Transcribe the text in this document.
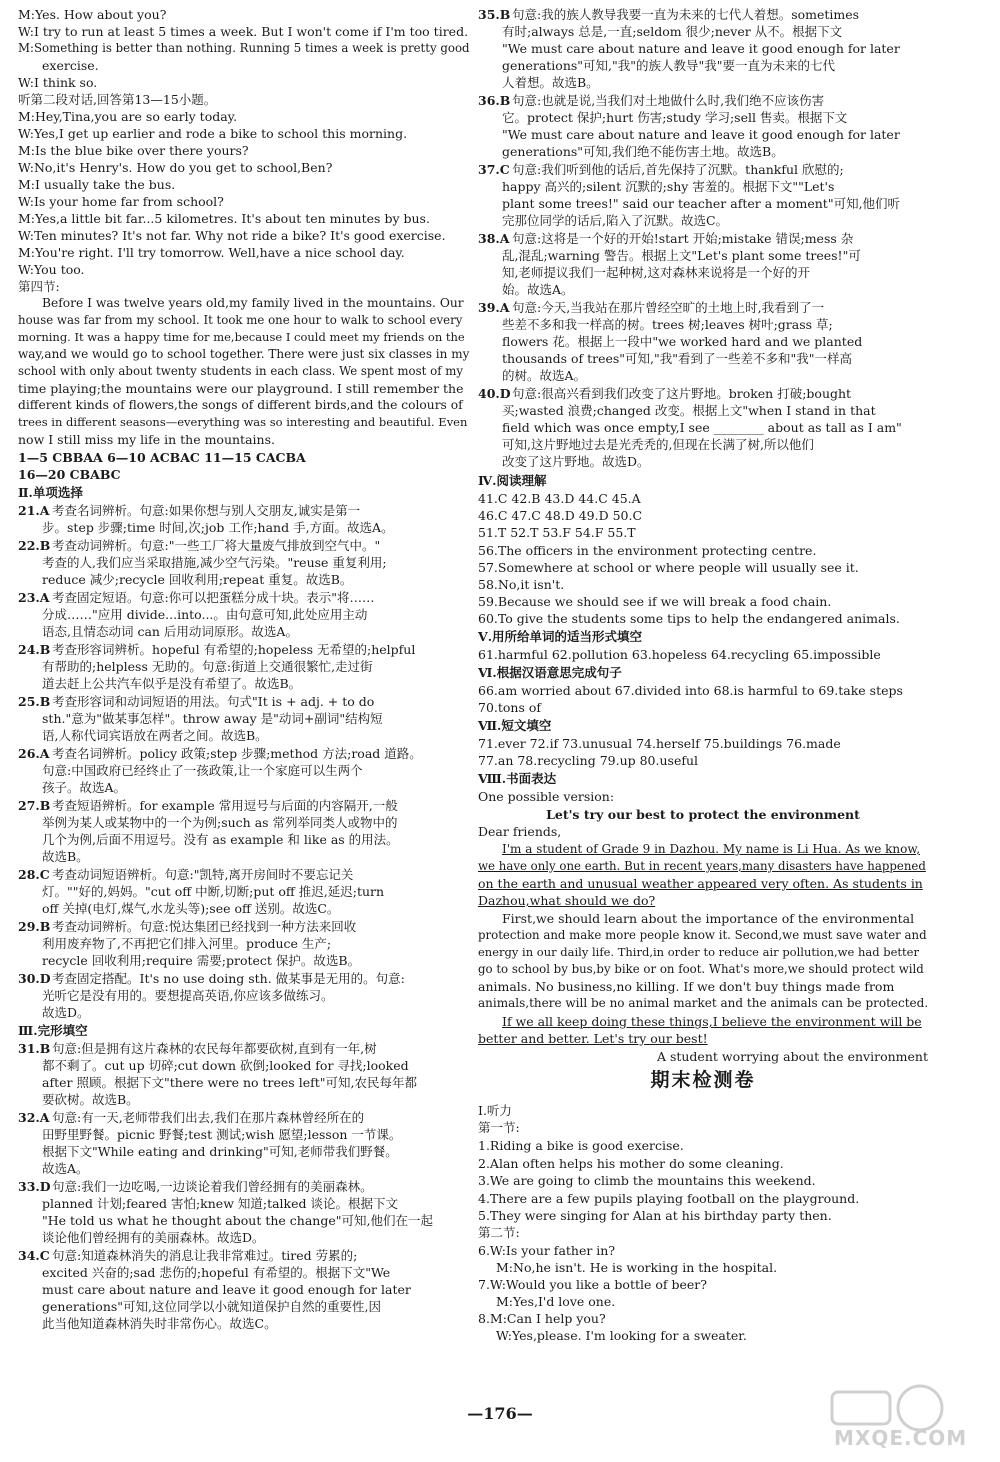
M:Yes. How about you?
W:I try to run at least 5 times a week. But I won't come if I'm too tired.
M:Something is better than nothing. Running 5 times a week is pretty good
exercise.
W:I think so.
听第二段对话,回答第13—15小题。
M:Hey,Tina,you are so early today.
W:Yes,I get up earlier and rode a bike to school this morning.
M:Is the blue bike over there yours?
W:No,it's Henry's. How do you get to school,Ben?
M:I usually take the bus.
W:Is your home far from school?
M:Yes,a little bit far...5 kilometres. It's about ten minutes by bus.
W:Ten minutes? It's not far. Why not ride a bike? It's good exercise.
M:You're right. I'll try tomorrow. Well,have a nice school day.
W:You too.
第四节:
Before I was twelve years old,my family lived in the mountains. Our
house was far from my school. It took me one hour to walk to school every
morning. It was a happy time for me,because I could meet my friends on the
way,and we would go to school together. There were just six classes in my
school with only about twenty students in each class. We spent most of my
time playing;the mountains were our playground. I still remember the
different kinds of flowers,the songs of different birds,and the colours of
trees in different seasons—everything was so interesting and beautiful. Even
now I still miss my life in the mountains.
1—5 CBBAA 6—10 ACBAC 11—15 CACBA
16—20 CBABC
Ⅱ.单项选择
21.A 考查名词辨析。句意:如果你想与别人交朋友,诚实是第一
步。step 步骤;time 时间,次;job 工作;hand 手,方面。故选A。
22.B 考查动词辨析。句意:"一些工厂将大量废气排放到空气中。"
考查的人,我们应当采取措施,减少空气污染。"reuse 重复利用;
reduce 减少;recycle 回收利用;repeat 重复。故选B。
23.A 考查固定短语。句意:你可以把蛋糕分成十块。表示"将……
分成……"应用 divide...into...。由句意可知,此处应用主动
语态,且情态动词 can 后用动词原形。故选A。
24.B 考查形容词辨析。hopeful 有希望的;hopeless 无希望的;helpful
有帮助的;helpless 无助的。句意:街道上交通很繁忙,走过街
道去赶上公共汽车似乎是没有希望了。故选B。
25.B 考查形容词和动词短语的用法。句式"It is + adj. + to do
sth."意为"做某事怎样"。throw away 是"动词+副词"结构短
语,人称代词宾语放在两者之间。故选B。
26.A 考查名词辨析。policy 政策;step 步骤;method 方法;road 道路。
句意:中国政府已经终止了一孩政策,让一个家庭可以生两个
孩子。故选A。
27.B 考查短语辨析。for example 常用逗号与后面的内容隔开,一般
举例为某人或某物中的一个为例;such as 常列举同类人或物中的
几个为例,后面不用逗号。没有 as example 和 like as 的用法。
故选B。
28.C 考查动词短语辨析。句意:"凯特,离开房间时不要忘记关
灯。""好的,妈妈。"cut off 中断,切断;put off 推迟,延迟;turn
off 关掉(电灯,煤气,水龙头等);see off 送别。故选C。
29.B 考查动词辨析。句意:悦达集团已经找到一种方法来回收
利用废弃物了,不再把它们排入河里。produce 生产;
recycle 回收利用;require 需要;protect 保护。故选B。
30.D考查固定搭配。It's no use doing sth. 做某事是无用的。句意:
光听它是没有用的。要想提高英语,你应该多做练习。
故选D。
Ⅲ.完形填空
31.B 句意:但是拥有这片森林的农民每年都要砍树,直到有一年,树
都不剩了。cut up 切碎;cut down 砍倒;looked for 寻找;looked
after 照顾。根据下文"there were no trees left"可知,农民每年都
要砍树。故选B。
32.A 句意:有一天,老师带我们出去,我们在那片森林曾经所在的
田野里野餐。picnic 野餐;test 测试;wish 愿望;lesson 一节课。
根据下文"While eating and drinking"可知,老师带我们野餐。
故选A。
33.D句意:我们一边吃喝,一边谈论着我们曾经拥有的美丽森林。
planned 计划;feared 害怕;knew 知道;talked 谈论。根据下文
"He told us what he thought about the change"可知,他们在一起
谈论他们曾经拥有的美丽森林。故选D。
34.C 句意:知道森林消失的消息让我非常难过。tired 劳累的;
excited 兴奋的;sad 悲伤的;hopeful 有希望的。根据下文"We
must care about nature and leave it good enough for later
generations"可知,这位同学以小就知道保护自然的重要性,因
此当他知道森林消失时非常伤心。故选C。
35.B 句意:我的族人教导我要一直为未来的七代人着想。sometimes
有时;always 总是,一直;seldom 很少;never 从不。根据下文
"We must care about nature and leave it good enough for later
generations"可知,"我"的族人教导"我"要一直为未来的七代
人着想。故选B。
36.B 句意:也就是说,当我们对土地做什么时,我们绝不应该伤害
它。protect 保护;hurt 伤害;study 学习;sell 售卖。根据下文
"We must care about nature and leave it good enough for later
generations"可知,我们绝不能伤害土地。故选B。
37.C 句意:我们听到他的话后,首先保持了沉默。thankful 欣慰的;
happy 高兴的;silent 沉默的;shy 害羞的。根据下文""Let's
plant some trees!" said our teacher after a moment"可知,他们听
完那位同学的话后,陷入了沉默。故选C。
38.A 句意:这将是一个好的开始!start 开始;mistake 错误;mess 杂
乱,混乱;warning 警告。根据上文"Let's plant some trees!"可
知,老师提议我们一起种树,这对森林来说将是一个好的开
始。故选A。
39.A 句意:今天,当我站在那片曾经空旷的土地上时,我看到了一
些差不多和我一样高的树。trees 树;leaves 树叶;grass 草;
flowers 花。根据上一段中"we worked hard and we planted
thousands of trees"可知,"我"看到了一些差不多和"我"一样高
的树。故选A。
40.D句意:很高兴看到我们改变了这片野地。broken 打破;bought
买;wasted 浪费;changed 改变。根据上文"when I stand in that
field which was once empty,I see ________ about as tall as I am"
可知,这片野地过去是光秃秃的,但现在长满了树,所以他们
改变了这片野地。故选D。
Ⅳ.阅读理解
41.C 42.B 43.D 44.C 45.A
46.C 47.C 48.D 49.D 50.C
51.T 52.T 53.F 54.F 55.T
56.The officers in the environment protecting centre.
57.Somewhere at school or where people will usually see it.
58.No,it isn't.
59.Because we should see if we will break a food chain.
60.To give the students some tips to help the endangered animals.
Ⅴ.用所给单词的适当形式填空
61.harmful 62.pollution 63.hopeless 64.recycling 65.impossible
Ⅵ.根据汉语意思完成句子
66.am worried about 67.divided into 68.is harmful to 69.take steps
70.tons of
Ⅶ.短文填空
71.ever 72.if 73.unusual 74.herself 75.buildings 76.made
77.an 78.recycling 79.up 80.useful
Ⅷ.书面表达
One possible version:
Let's try our best to protect the environment
Dear friends,
I'm a student of Grade 9 in Dazhou. My name is Li Hua. As we know,
we have only one earth. But in recent years,many disasters have happened
on the earth and unusual weather appeared very often. As students in
Dazhou,what should we do?
First,we should learn about the importance of the environmental
protection and make more people know it. Second,we must save water and
energy in our daily life. Third,in order to reduce air pollution,we had better
go to school by bus,by bike or on foot. What's more,we should protect wild
animals. No business,no killing. If we don't buy things made from
animals,there will be no animal market and the animals can be protected.
If we all keep doing these things,I believe the environment will be
better and better. Let's try our best!
A student worrying about the environment
期末检测卷
Ⅰ.听力
第一节:
1.Riding a bike is good exercise.
2.Alan often helps his mother do some cleaning.
3.We are going to climb the mountains this weekend.
4.There are a few pupils playing football on the playground.
5.They were singing for Alan at his birthday party then.
第二节:
6.W:Is your father in?
M:No,he isn't. He is working in the hospital.
7.W:Would you like a bottle of beer?
M:Yes,I'd love one.
8.M:Can I help you?
W:Yes,please. I'm looking for a sweater.
—176—
MXQE.COM
